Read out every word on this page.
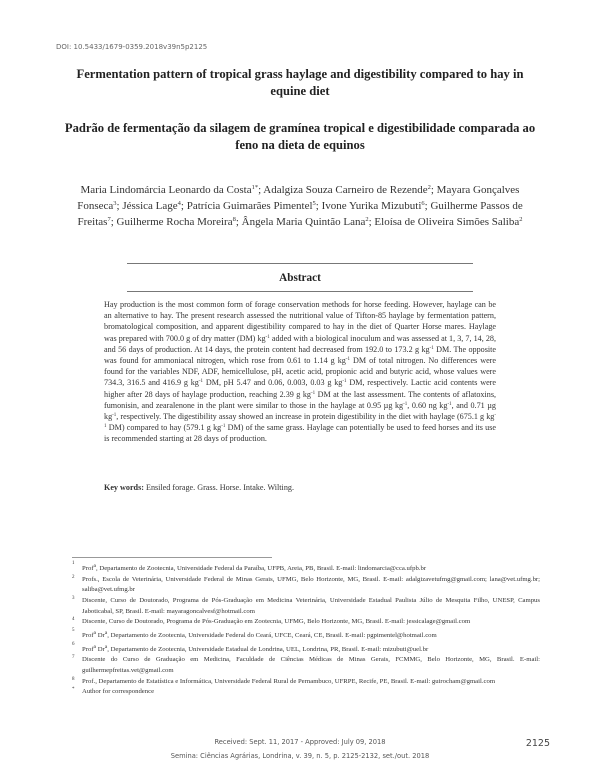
DOI: 10.5433/1679-0359.2018v39n5p2125
Fermentation pattern of tropical grass haylage and digestibility compared to hay in equine diet
Padrão de fermentação da silagem de gramínea tropical e digestibilidade comparada ao feno na dieta de equinos
Maria Lindomárcia Leonardo da Costa$^{1*}$; Adalgiza Souza Carneiro de Rezende$^2$; Mayara Gonçalves Fonseca$^3$; Jéssica Lage$^4$; Patrícia Guimarães Pimentel$^5$; Ivone Yurika Mizubuti$^6$; Guilherme Passos de Freitas$^7$; Guilherme Rocha Moreira$^8$; Ângela Maria Quintão Lana$^2$; Eloísa de Oliveira Simões Saliba$^2$
Abstract
Hay production is the most common form of forage conservation methods for horse feeding. However, haylage can be an alternative to hay. The present research assessed the nutritional value of Tifton-85 haylage by fermentation pattern, bromatological composition, and apparent digestibility compared to hay in the diet of Quarter Horse mares. Haylage was prepared with 700.0 g of dry matter (DM) $kg^{-1}$ added with a biological inoculum and was assessed at 1, 3, 7, 14, 28, and 56 days of production. At 14 days, the protein content had decreased from 192.0 to 173.2 g $kg^{-1}$ DM. The opposite was found for ammoniacal nitrogen, which rose from 0.61 to 1.14 g $kg^{-1}$ DM of total nitrogen. No differences were found for the variables NDF, ADF, hemicellulose, pH, acetic acid, propionic acid and butyric acid, whose values were 734.3, 316.5 and 416.9 g $kg^{-1}$ DM, pH 5.47 and 0.06, 0.003, 0.03 g $kg^{-1}$ DM, respectively. Lactic acid contents were higher after 28 days of haylage production, reaching 2.39 g $kg^{-1}$ DM at the last assessment. The contents of aflatoxins, fumonisin, and zearalenone in the plant were similar to those in the haylage at 0.95 µg $kg^{-1}$, 0.60 ng $kg^{-1}$, and 0.71 µg $kg^{-1}$, respectively. The digestibility assay showed an increase in protein digestibility in the diet with haylage (675.1 g $kg^{-1}$ DM) compared to hay (579.1 g $kg^{-1}$ DM) of the same grass. Haylage can potentially be used to feed horses and its use is recommended starting at 28 days of production.
Key words: Ensiled forage. Grass. Horse. Intake. Wilting.
1
Prof$^a$, Departamento de Zootecnia, Universidade Federal da Paraíba, UFPB, Areia, PB, Brasil. E-mail: lindomarcia@cca.ufpb.br
2 Profs., Escola de Veterinária, Universidade Federal de Minas Gerais, UFMG, Belo Horizonte, MG, Brasil. E-mail: adalgizavetufmg@gmail.com; lana@vet.ufmg.br; saliba@vet.ufmg.br
3 Discente, Curso de Doutorado, Programa de Pós-Graduação em Medicina Veterinária, Universidade Estadual Paulista Júlio de Mesquita Filho, UNESP, Campus Jaboticabal, SP, Brasil. E-mail: mayaragoncalvesf@hotmail.com
4 Discente, Curso de Doutorado, Programa de Pós-Graduação em Zootecnia, UFMG, Belo Horizonte, MG, Brasil. E-mail: jessicalage@gmail.com
5
Prof$^a$ Dr$^a$, Departamento de Zootecnia, Universidade Federal do Ceará, UFCE, Ceará, CE, Brasil. E-mail: pgpimentel@hotmail.com
6
Prof$^a$ Dr$^a$, Departamento de Zootecnia, Universidade Estadual de Londrina, UEL, Londrina, PR, Brasil. E-mail: mizubuti@uel.br
7 Discente do Curso de Graduação em Medicina, Faculdade de Ciências Médicas de Minas Gerais, FCMMG, Belo Horizonte, MG, Brasil. E-mail: guilhermepfreitas.vet@gmail.com
8 Prof., Departamento de Estatística e Informática, Universidade Federal Rural de Pernambuco, UFRPE, Recife, PE, Brasil. E-mail: guirocham@gmail.com
* Author for correspondence
Received: Sept. 11, 2017 - Approved: July 09, 2018	2125
Semina: Ciências Agrárias, Londrina, v. 39, n. 5, p. 2125-2132, set./out. 2018
